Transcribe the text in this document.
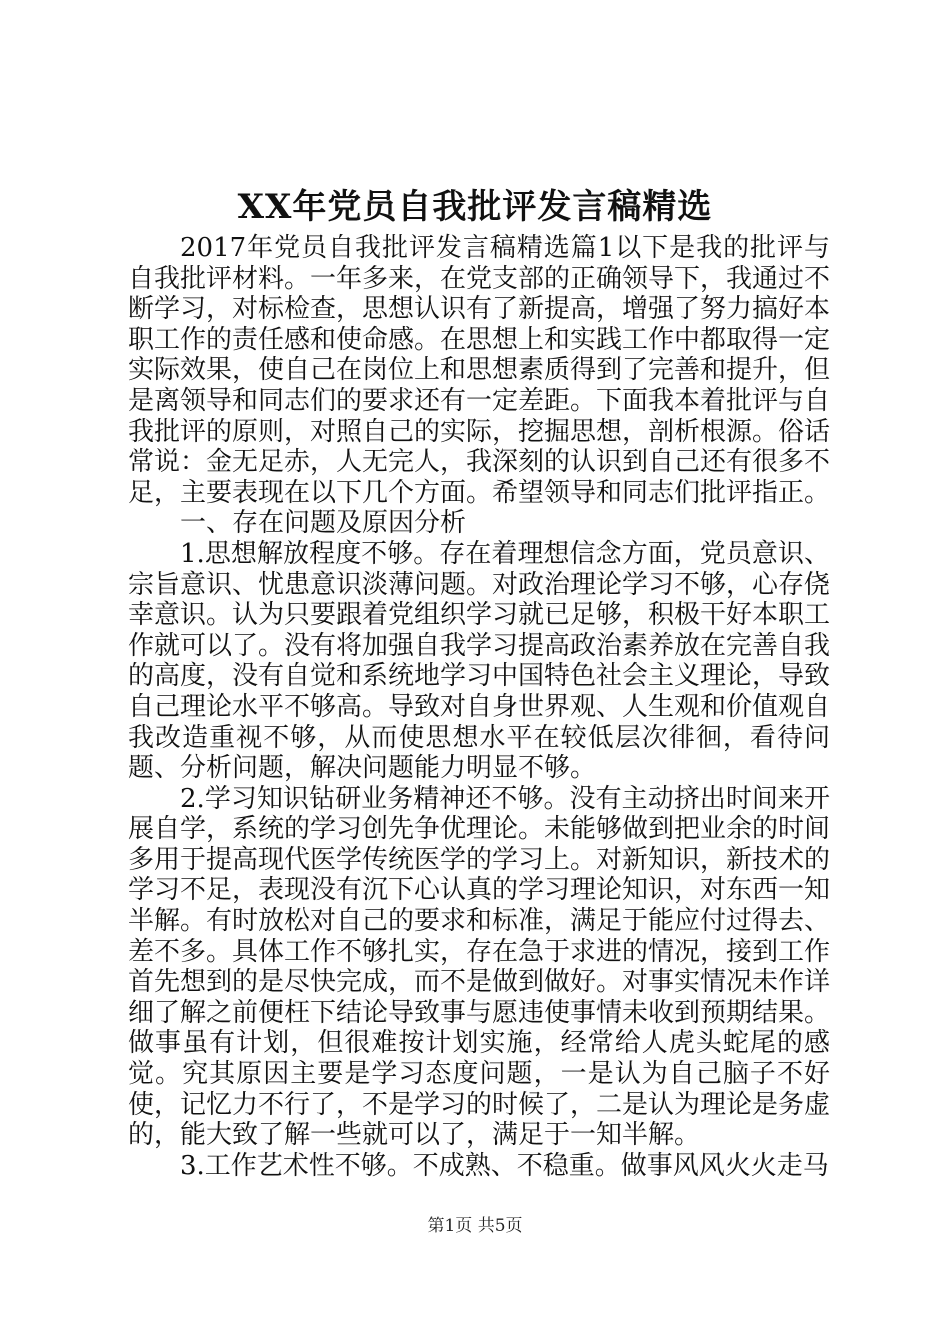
XX年党员自我批评发言稿精选

2017年党员自我批评发言稿精选篇1以下是我的批评与自我批评材料。一年多来，在党支部的正确领导下，我通过不断学习，对标检查，思想认识有了新提高，增强了努力搞好本职工作的责任感和使命感。在思想上和实践工作中都取得一定实际效果，使自己在岗位上和思想素质得到了完善和提升，但是离领导和同志们的要求还有一定差距。下面我本着批评与自我批评的原则，对照自己的实际，挖掘思想，剖析根源。俗话常说：金无足赤，人无完人，我深刻的认识到自己还有很多不足，主要表现在以下几个方面。希望领导和同志们批评指正。

一、存在问题及原因分析

1.思想解放程度不够。存在着理想信念方面，党员意识、宗旨意识、忧患意识淡薄问题。对政治理论学习不够，心存侥幸意识。认为只要跟着党组织学习就已足够，积极干好本职工作就可以了。没有将加强自我学习提高政治素养放在完善自我的高度，没有自觉和系统地学习中国特色社会主义理论，导致自己理论水平不够高。导致对自身世界观、人生观和价值观自我改造重视不够，从而使思想水平在较低层次徘徊，看待问题、分析问题，解决问题能力明显不够。

2.学习知识钻研业务精神还不够。没有主动挤出时间来开展自学，系统的学习创先争优理论。未能够做到把业余的时间多用于提高现代医学传统医学的学习上。对新知识，新技术的学习不足，表现没有沉下心认真的学习理论知识，对东西一知半解。有时放松对自己的要求和标准，满足于能应付过得去、差不多。具体工作不够扎实，存在急于求进的情况，接到工作首先想到的是尽快完成，而不是做到做好。对事实情况未作详细了解之前便枉下结论导致事与愿违使事情未收到预期结果。做事虽有计划，但很难按计划实施，经常给人虎头蛇尾的感觉。究其原因主要是学习态度问题，一是认为自己脑子不好使，记忆力不行了，不是学习的时候了，二是认为理论是务虚的，能大致了解一些就可以了，满足于一知半解。

3.工作艺术性不够。不成熟、不稳重。做事风风火火走马

第1页 共5页
